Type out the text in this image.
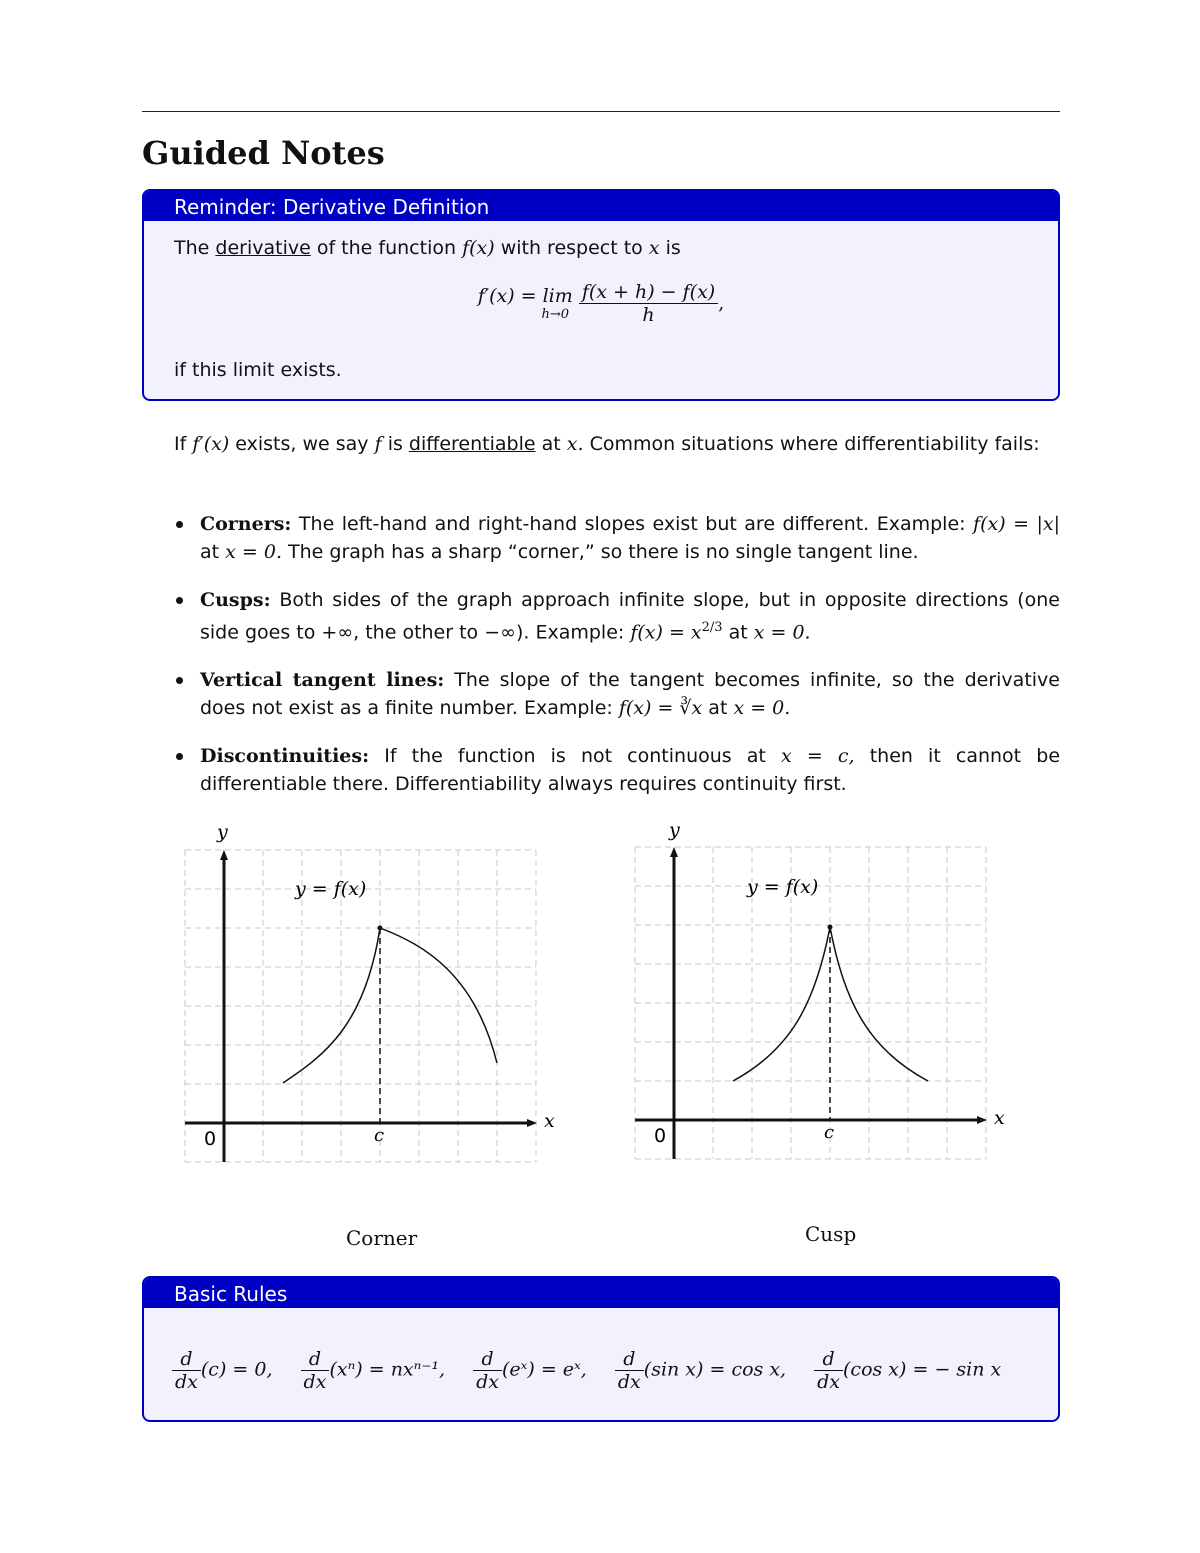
Guided Notes
Reminder: Derivative Definition
The derivative of the function f(x) with respect to x is
f′(x) = lim
h→0
$\frac{f(x + h) - f(x)}{h}$ ,
if this limit exists.
If f′(x) exists, we say f is differentiable at x. Common situations where differentiability fails:
Corners: The left-hand and right-hand slopes exist but are different. Example: f(x) = |x| at x = 0. The graph has a sharp “corner,” so there is no single tangent line.
Cusps: Both sides of the graph approach infinite slope, but in opposite directions (one side goes to +∞, the other to −∞). Example: $f(x) = x^{2/3}$ at x = 0.
Vertical tangent lines: The slope of the tangent becomes infinite, so the derivative does not exist as a finite number. Example: f(x) = ∛x at x = 0.
Discontinuities: If the function is not continuous at x = c, then it cannot be differentiable there. Differentiability always requires continuity first.
y
x
0	c
y = f(x)
Corner
y
x
0	c
y = f(x)
Cusp
Basic Rules
$\frac{d}{dx} (c) = 0$, $\frac{d}{dx} (x^n) = nx^{n-1}$, $\frac{d}{dx}$ (eˣ) = eˣ, $\frac{d}{dx} (\sin$ x) = cos x, $\frac{d}{dx} (\cos$ x) = − sin x
